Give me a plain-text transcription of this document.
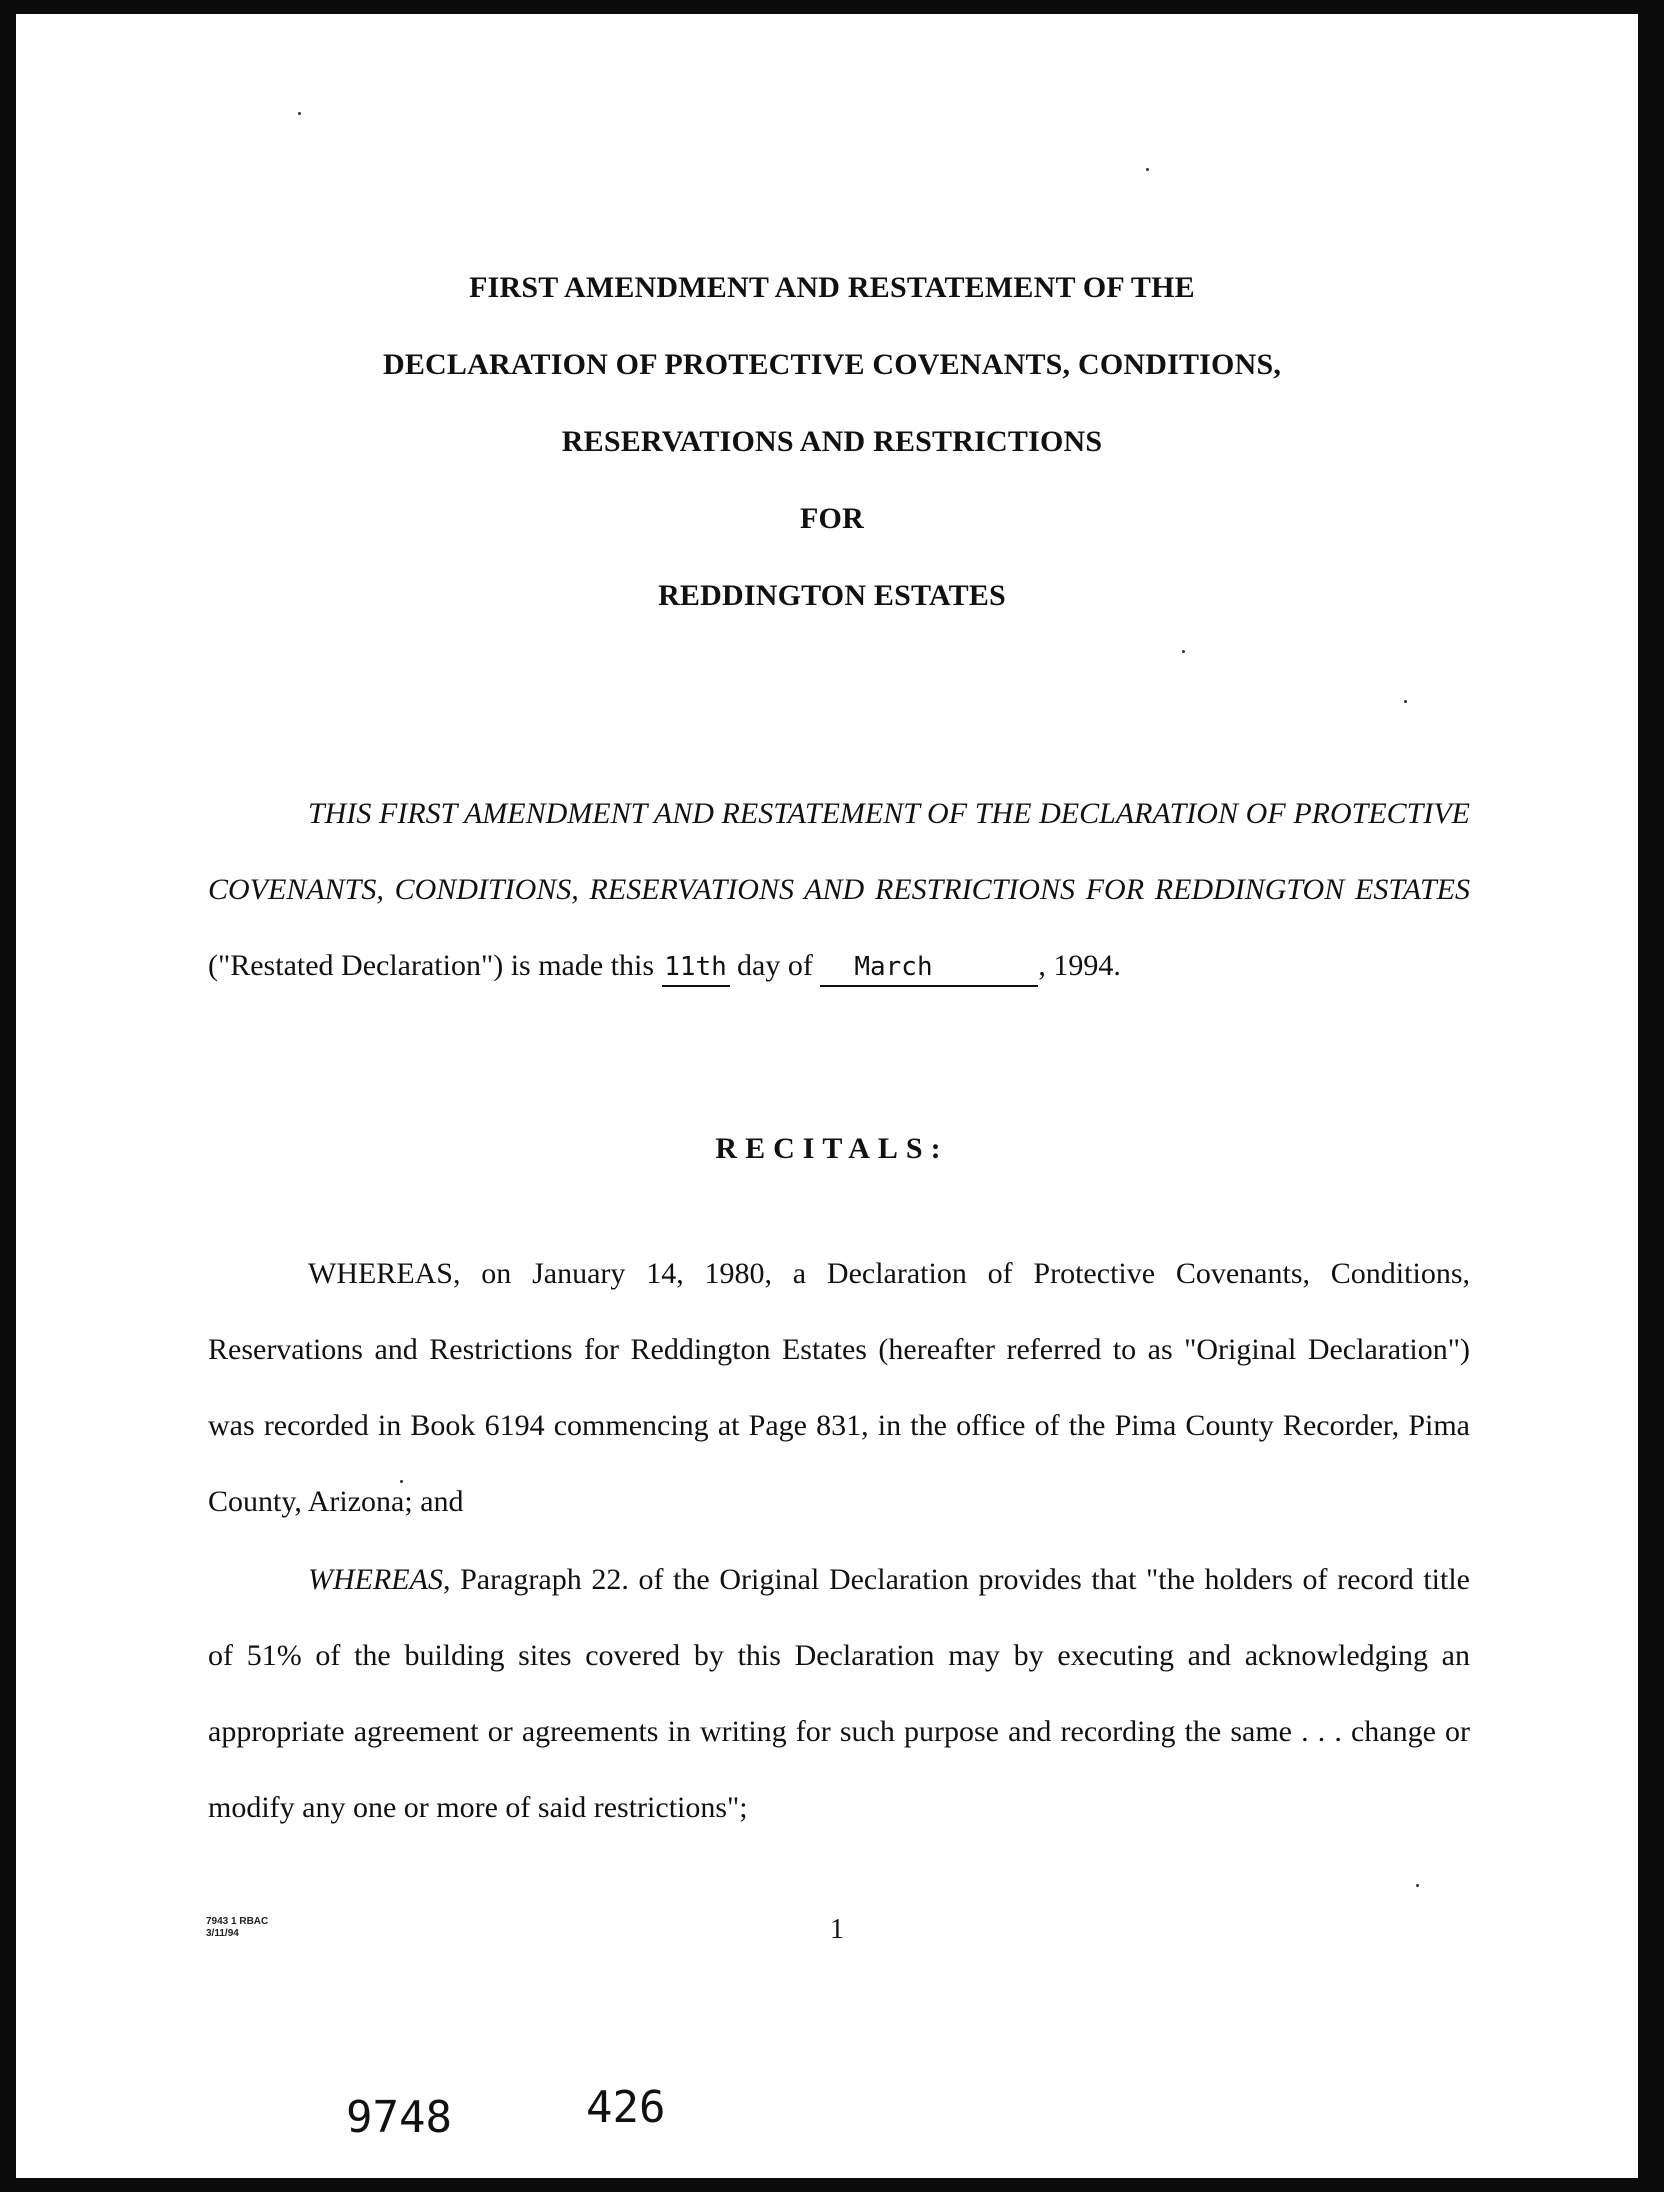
FIRST AMENDMENT AND RESTATEMENT OF THE
DECLARATION OF PROTECTIVE COVENANTS, CONDITIONS,
RESERVATIONS AND RESTRICTIONS
FOR
REDDINGTON ESTATES
THIS FIRST AMENDMENT AND RESTATEMENT OF THE DECLARATION OF PROTECTIVE COVENANTS, CONDITIONS, RESERVATIONS AND RESTRICTIONS FOR REDDINGTON ESTATES ("Restated Declaration") is made this 11th day of March	, 1994.
RECITALS:

WHEREAS, on January 14, 1980, a Declaration of Protective Covenants, Conditions, Reservations and Restrictions for Reddington Estates (hereafter referred to as "Original Declaration") was recorded in Book 6194 commencing at Page 831, in the office of the Pima County Recorder, Pima County, Arizona; and

WHEREAS, Paragraph 22. of the Original Declaration provides that "the holders of record title of 51% of the building sites covered by this Declaration may by executing and acknowledging an appropriate agreement or agreements in writing for such purpose and recording the same . . . change or modify any one or more of said restrictions";

7943 1 RBAC
3/11/94	1
9748	426
